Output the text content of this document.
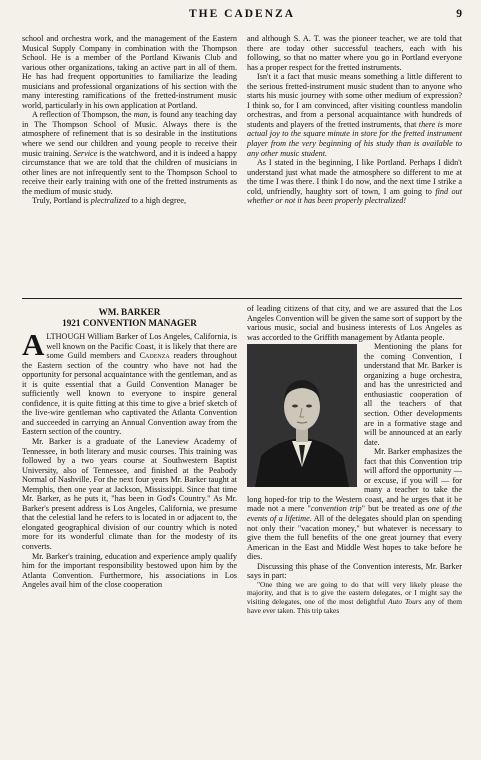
THE CADENZA	9

school and orchestra work, and the management of the Eastern Musical Supply Company in combination with the Thompson School. He is a member of the Portland Kiwanis Club and various other organizations, taking an active part in all of them. He has had frequent opportunities to familiarize the leading musicians and professional organizations of his section with the many interesting ramifications of the fretted-instrument music world, particularly in his own application at Portland.

A reflection of Thompson, the man, is found any teaching day in The Thompson School of Music. Always there is the atmosphere of refinement that is so desirable in the institutions where we send our children and young people to receive their music training. Service is the watchword, and it is indeed a happy circumstance that we are told that the children of musicians in other lines are not infrequently sent to the Thompson School to receive their early training with one of the fretted instruments as the medium of music study.

Truly, Portland is plectralized to a high degree,

and although S. A. T. was the pioneer teacher, we are told that there are today other successful teachers, each with his following, so that no matter where you go in Portland everyone has a proper respect for the fretted instruments.

Isn't it a fact that music means something a little different to the serious fretted-instrument music student than to anyone who starts his music journey with some other medium of expression? I think so, for I am convinced, after visiting countless mandolin orchestras, and from a personal acquaintance with hundreds of students and players of the fretted instruments, that there is more actual joy to the square minute in store for the fretted instrument player from the very beginning of his study than is available to any other music student.

As I stated in the beginning, I like Portland. Perhaps I didn't understand just what made the atmosphere so different to me at the time I was there. I think I do now, and the next time I strike a cold, unfriendly, haughty sort of town, I am going to find out whether or not it has been properly plectralized!

WM. BARKER
1921 CONVENTION MANAGER

ALTHOUGH William Barker of Los Angeles, California, is well known on the Pacific Coast, it is likely that there are some Guild members and Cadenza readers throughout the Eastern section of the country who have not had the opportunity for personal acquaintance with the gentleman, and as it is quite essential that a Guild Convention Manager be sufficiently well known to everyone to inspire general confidence, it is quite fitting at this time to give a brief sketch of the live-wire gentleman who captivated the Atlanta Convention and succeeded in carrying an Annual Convention away from the Eastern section of the country.

Mr. Barker is a graduate of the Laneview Academy of Tennessee, in both literary and music courses. This training was followed by a two years course at Southwestern Baptist University, also of Tennessee, and finished at the Peabody Normal of Nashville. For the next four years Mr. Barker taught at Memphis, then one year at Jackson, Mississippi. Since that time Mr. Barker, as he puts it, "has been in God's Country." As Mr. Barker's present address is Los Angeles, California, we presume that the celestial land he refers to is located in or adjacent to, the elongated geographical division of our country which is noted more for its wonderful climate than for the modesty of its converts.

Mr. Barker's training, education and experience amply qualify him for the important responsibility bestowed upon him by the Atlanta Convention. Furthermore, his associations in Los Angeles avail him of the close cooperation

of leading citizens of that city, and we are assured that the Los Angeles Convention will be given the same sort of support by the various music, social and business interests of Los Angeles as was accorded to the Griffith management by Atlanta people.

Mentioning the plans for the coming Convention, I understand that Mr. Barker is organizing a huge orchestra, and has the unrestricted and enthusiastic cooperation of all the teachers of that section. Other developments are in a formative stage and will be announced at an early date.

Mr. Barker emphasizes the fact that this Convention trip will afford the opportunity — or excuse, if you will — for many a teacher to take the long hoped-for trip to the Western coast, and he urges that it be made not a mere "convention trip" but be treated as one of the events of a lifetime. All of the delegates should plan on spending not only their "vacation money," but whatever is necessary to give them the full benefits of the one great journey that every American in the East and Middle West hopes to take before he dies.

Discussing this phase of the Convention interests, Mr. Barker says in part:

"One thing we are going to do that will very likely please the majority, and that is to give the eastern delegates, or I might say the visiting delegates, one of the most delightful Auto Tours any of them have ever taken. This trip takes
